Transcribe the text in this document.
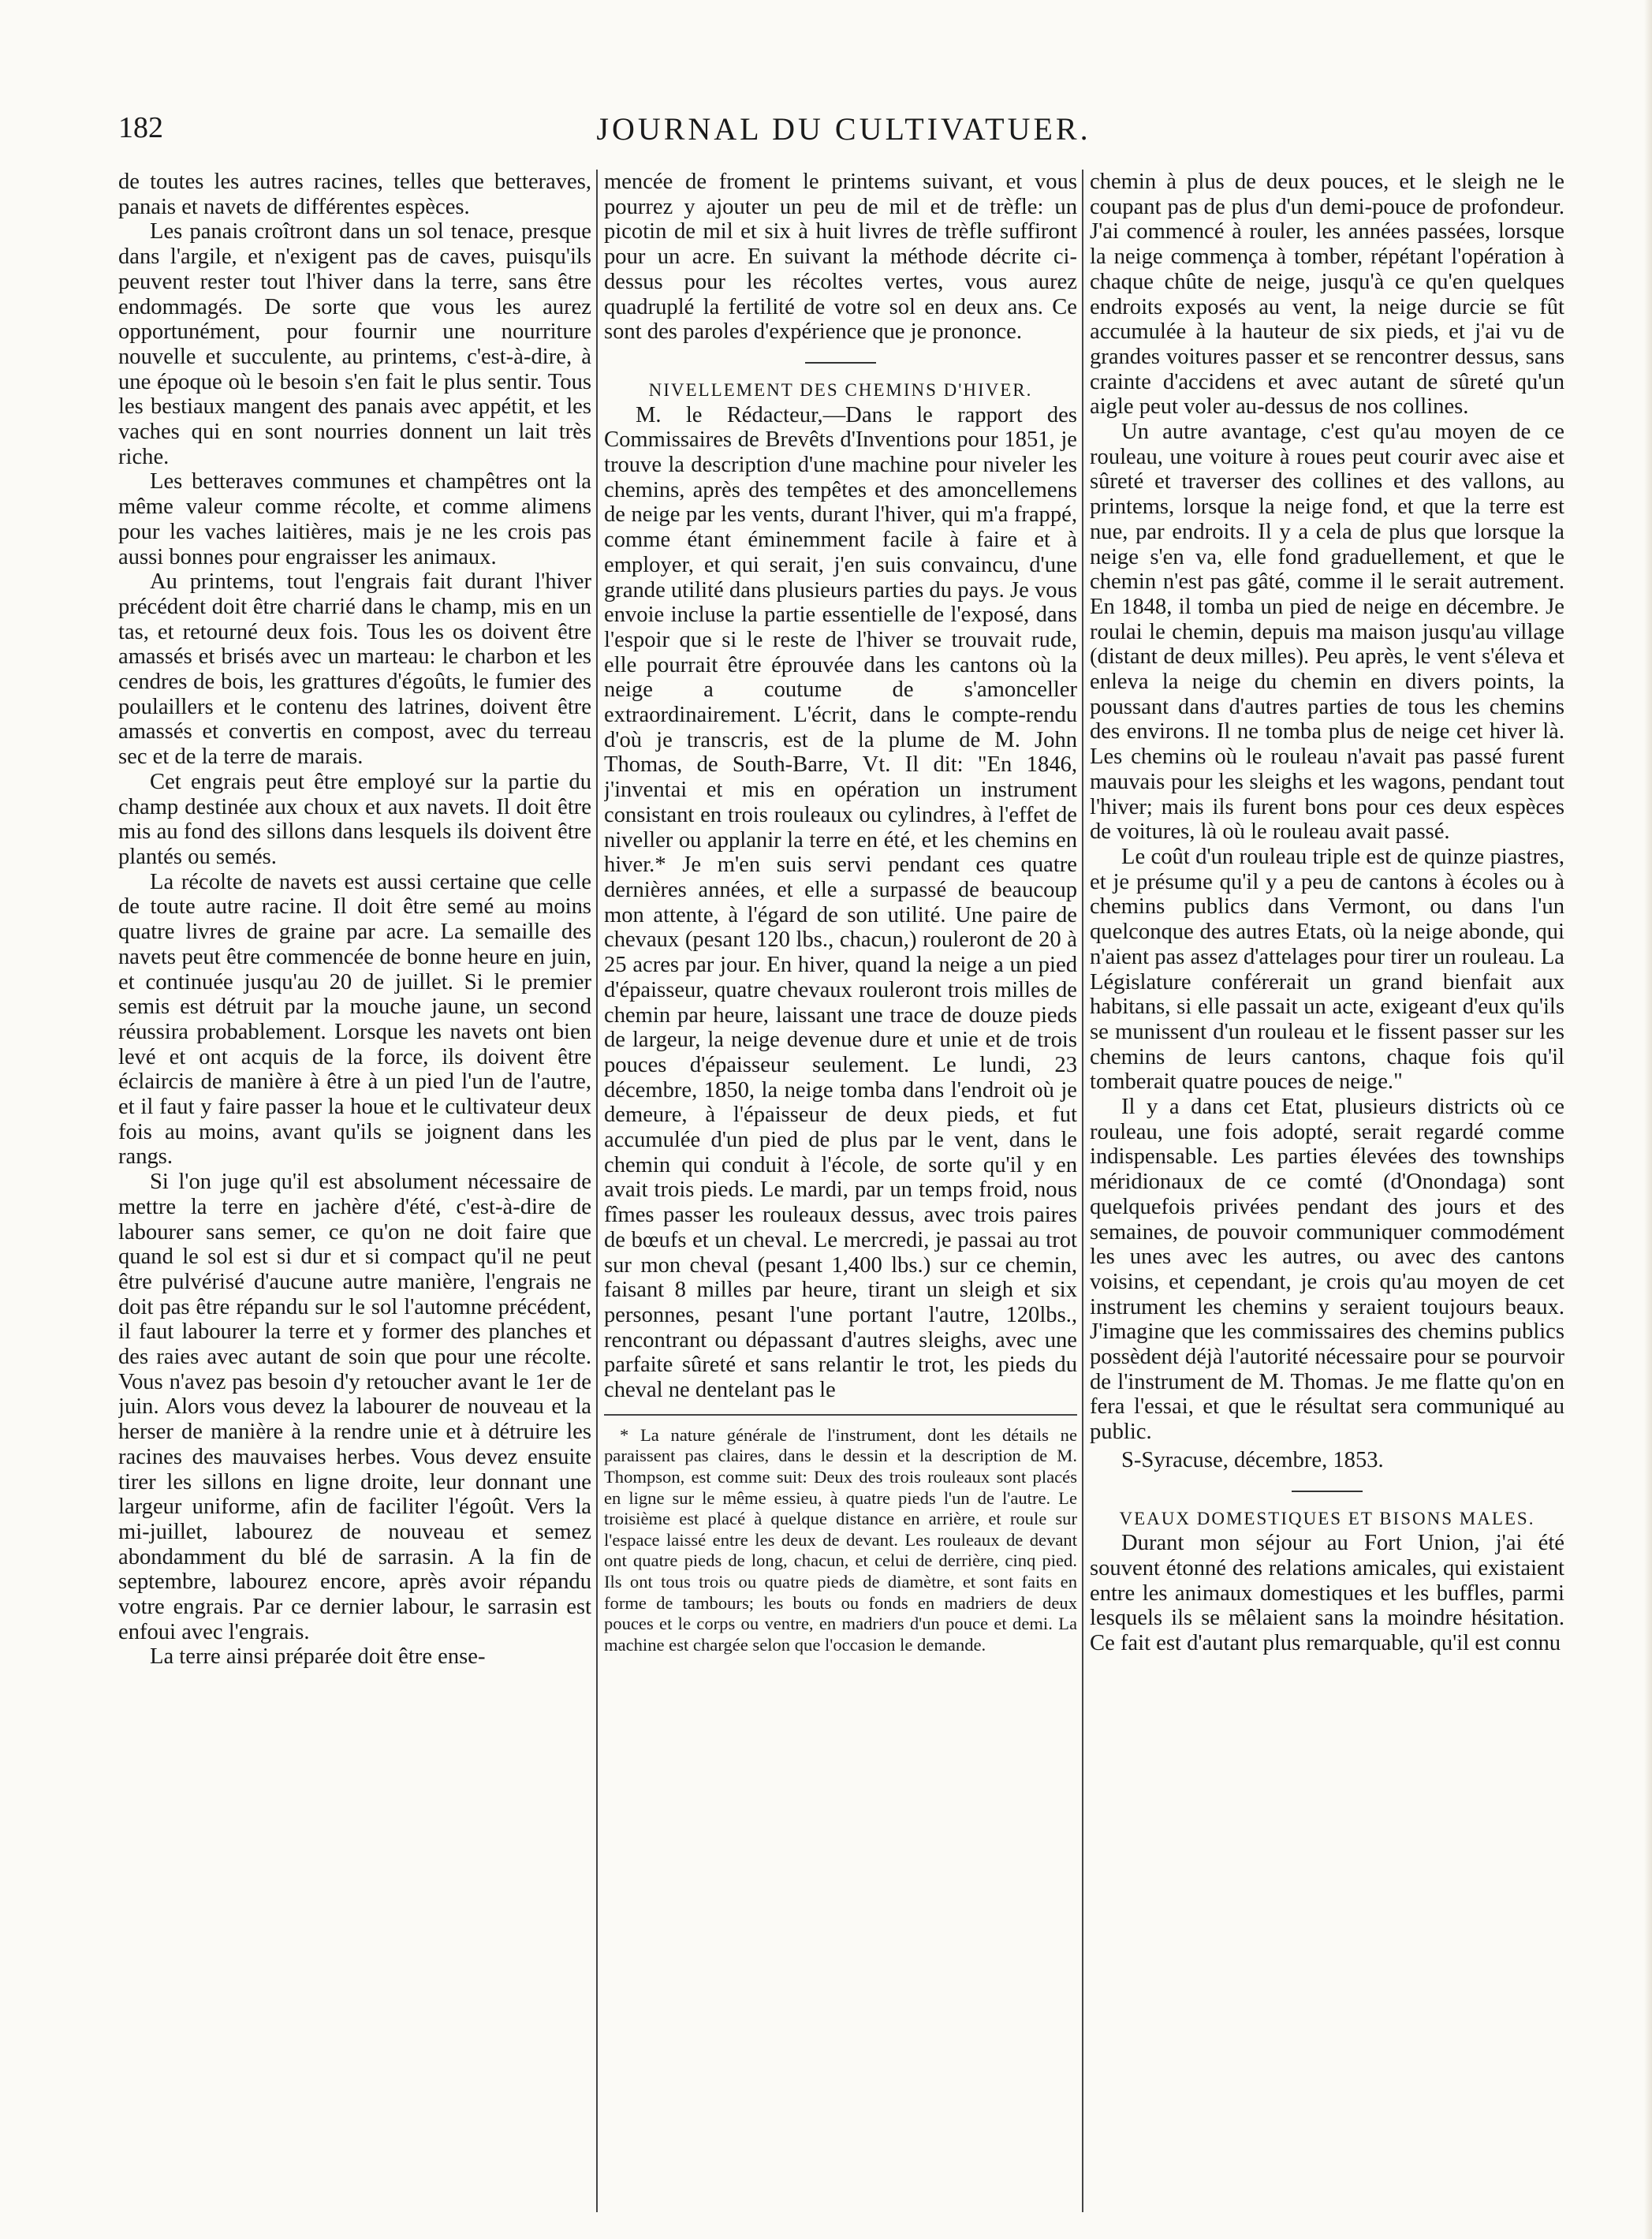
182	JOURNAL DU CULTIVATUER.

de toutes les autres racines, telles que betteraves, panais et navets de différentes espèces.

Les panais croîtront dans un sol tenace, presque dans l'argile, et n'exigent pas de caves, puisqu'ils peuvent rester tout l'hiver dans la terre, sans être endommagés. De sorte que vous les aurez opportunément, pour fournir une nourriture nouvelle et succulente, au printems, c'est-à-dire, à une époque où le besoin s'en fait le plus sentir. Tous les bestiaux mangent des panais avec appétit, et les vaches qui en sont nourries donnent un lait très riche.

Les betteraves communes et champêtres ont la même valeur comme récolte, et comme alimens pour les vaches laitières, mais je ne les crois pas aussi bonnes pour engraisser les animaux.

Au printems, tout l'engrais fait durant l'hiver précédent doit être charrié dans le champ, mis en un tas, et retourné deux fois. Tous les os doivent être amassés et brisés avec un marteau: le charbon et les cendres de bois, les grattures d'égoûts, le fumier des poulaillers et le contenu des latrines, doivent être amassés et convertis en compost, avec du terreau sec et de la terre de marais.

Cet engrais peut être employé sur la partie du champ destinée aux choux et aux navets. Il doit être mis au fond des sillons dans lesquels ils doivent être plantés ou semés.

La récolte de navets est aussi certaine que celle de toute autre racine. Il doit être semé au moins quatre livres de graine par acre. La semaille des navets peut être commencée de bonne heure en juin, et continuée jusqu'au 20 de juillet. Si le premier semis est détruit par la mouche jaune, un second réussira probablement. Lorsque les navets ont bien levé et ont acquis de la force, ils doivent être éclaircis de manière à être à un pied l'un de l'autre, et il faut y faire passer la houe et le cultivateur deux fois au moins, avant qu'ils se joignent dans les rangs.

Si l'on juge qu'il est absolument nécessaire de mettre la terre en jachère d'été, c'est-à-dire de labourer sans semer, ce qu'on ne doit faire que quand le sol est si dur et si compact qu'il ne peut être pulvérisé d'aucune autre manière, l'engrais ne doit pas être répandu sur le sol l'automne précédent, il faut labourer la terre et y former des planches et des raies avec autant de soin que pour une récolte. Vous n'avez pas besoin d'y retoucher avant le 1er de juin. Alors vous devez la labourer de nouveau et la herser de manière à la rendre unie et à détruire les racines des mauvaises herbes. Vous devez ensuite tirer les sillons en ligne droite, leur donnant une largeur uniforme, afin de faciliter l'égoût. Vers la mi-juillet, labourez de nouveau et semez abondamment du blé de sarrasin. A la fin de septembre, labourez encore, après avoir répandu votre engrais. Par ce dernier labour, le sarrasin est enfoui avec l'engrais.

La terre ainsi préparée doit être ense-

mencée de froment le printems suivant, et vous pourrez y ajouter un peu de mil et de trèfle: un picotin de mil et six à huit livres de trèfle suffiront pour un acre. En suivant la méthode décrite ci-dessus pour les récoltes vertes, vous aurez quadruplé la fertilité de votre sol en deux ans. Ce sont des paroles d'expérience que je prononce.

NIVELLEMENT DES CHEMINS D'HIVER.

M. le Rédacteur,—Dans le rapport des Commissaires de Brevêts d'Inventions pour 1851, je trouve la description d'une machine pour niveler les chemins, après des tempêtes et des amoncellemens de neige par les vents, durant l'hiver, qui m'a frappé, comme étant éminemment facile à faire et à employer, et qui serait, j'en suis convaincu, d'une grande utilité dans plusieurs parties du pays. Je vous envoie incluse la partie essentielle de l'exposé, dans l'espoir que si le reste de l'hiver se trouvait rude, elle pourrait être éprouvée dans les cantons où la neige a coutume de s'amonceller extraordinairement. L'écrit, dans le compte-rendu d'où je transcris, est de la plume de M. John Thomas, de South-Barre, Vt. Il dit: "En 1846, j'inventai et mis en opération un instrument consistant en trois rouleaux ou cylindres, à l'effet de niveller ou applanir la terre en été, et les chemins en hiver.* Je m'en suis servi pendant ces quatre dernières années, et elle a surpassé de beaucoup mon attente, à l'égard de son utilité. Une paire de chevaux (pesant 120 lbs., chacun,) rouleront de 20 à 25 acres par jour. En hiver, quand la neige a un pied d'épaisseur, quatre chevaux rouleront trois milles de chemin par heure, laissant une trace de douze pieds de largeur, la neige devenue dure et unie et de trois pouces d'épaisseur seulement. Le lundi, 23 décembre, 1850, la neige tomba dans l'endroit où je demeure, à l'épaisseur de deux pieds, et fut accumulée d'un pied de plus par le vent, dans le chemin qui conduit à l'école, de sorte qu'il y en avait trois pieds. Le mardi, par un temps froid, nous fîmes passer les rouleaux dessus, avec trois paires de bœufs et un cheval. Le mercredi, je passai au trot sur mon cheval (pesant 1,400 lbs.) sur ce chemin, faisant 8 milles par heure, tirant un sleigh et six personnes, pesant l'une portant l'autre, 120lbs., rencontrant ou dépassant d'autres sleighs, avec une parfaite sûreté et sans relantir le trot, les pieds du cheval ne dentelant pas le

* La nature générale de l'instrument, dont les détails ne paraissent pas claires, dans le dessin et la description de M. Thompson, est comme suit: Deux des trois rouleaux sont placés en ligne sur le même essieu, à quatre pieds l'un de l'autre. Le troisième est placé à quelque distance en arrière, et roule sur l'espace laissé entre les deux de devant. Les rouleaux de devant ont quatre pieds de long, chacun, et celui de derrière, cinq pied. Ils ont tous trois ou quatre pieds de diamètre, et sont faits en forme de tambours; les bouts ou fonds en madriers de deux pouces et le corps ou ventre, en madriers d'un pouce et demi. La machine est chargée selon que l'occasion le demande.

chemin à plus de deux pouces, et le sleigh ne le coupant pas de plus d'un demi-pouce de profondeur. J'ai commencé à rouler, les années passées, lorsque la neige commença à tomber, répétant l'opération à chaque chûte de neige, jusqu'à ce qu'en quelques endroits exposés au vent, la neige durcie se fût accumulée à la hauteur de six pieds, et j'ai vu de grandes voitures passer et se rencontrer dessus, sans crainte d'accidens et avec autant de sûreté qu'un aigle peut voler au-dessus de nos collines.

Un autre avantage, c'est qu'au moyen de ce rouleau, une voiture à roues peut courir avec aise et sûreté et traverser des collines et des vallons, au printems, lorsque la neige fond, et que la terre est nue, par endroits. Il y a cela de plus que lorsque la neige s'en va, elle fond graduellement, et que le chemin n'est pas gâté, comme il le serait autrement. En 1848, il tomba un pied de neige en décembre. Je roulai le chemin, depuis ma maison jusqu'au village (distant de deux milles). Peu après, le vent s'éleva et enleva la neige du chemin en divers points, la poussant dans d'autres parties de tous les chemins des environs. Il ne tomba plus de neige cet hiver là. Les chemins où le rouleau n'avait pas passé furent mauvais pour les sleighs et les wagons, pendant tout l'hiver; mais ils furent bons pour ces deux espèces de voitures, là où le rouleau avait passé.

Le coût d'un rouleau triple est de quinze piastres, et je présume qu'il y a peu de cantons à écoles ou à chemins publics dans Vermont, ou dans l'un quelconque des autres Etats, où la neige abonde, qui n'aient pas assez d'attelages pour tirer un rouleau. La Législature conférerait un grand bienfait aux habitans, si elle passait un acte, exigeant d'eux qu'ils se munissent d'un rouleau et le fissent passer sur les chemins de leurs cantons, chaque fois qu'il tomberait quatre pouces de neige."

Il y a dans cet Etat, plusieurs districts où ce rouleau, une fois adopté, serait regardé comme indispensable. Les parties élevées des townships méridionaux de ce comté (d'Onondaga) sont quelquefois privées pendant des jours et des semaines, de pouvoir communiquer commodément les unes avec les autres, ou avec des cantons voisins, et cependant, je crois qu'au moyen de cet instrument les chemins y seraient toujours beaux. J'imagine que les commissaires des chemins publics possèdent déjà l'autorité nécessaire pour se pourvoir de l'instrument de M. Thomas. Je me flatte qu'on en fera l'essai, et que le résultat sera communiqué au public.

S-Syracuse, décembre, 1853.

VEAUX DOMESTIQUES ET BISONS MALES.

Durant mon séjour au Fort Union, j'ai été souvent étonné des relations amicales, qui existaient entre les animaux domestiques et les buffles, parmi lesquels ils se mêlaient sans la moindre hésitation. Ce fait est d'autant plus remarquable, qu'il est connu
